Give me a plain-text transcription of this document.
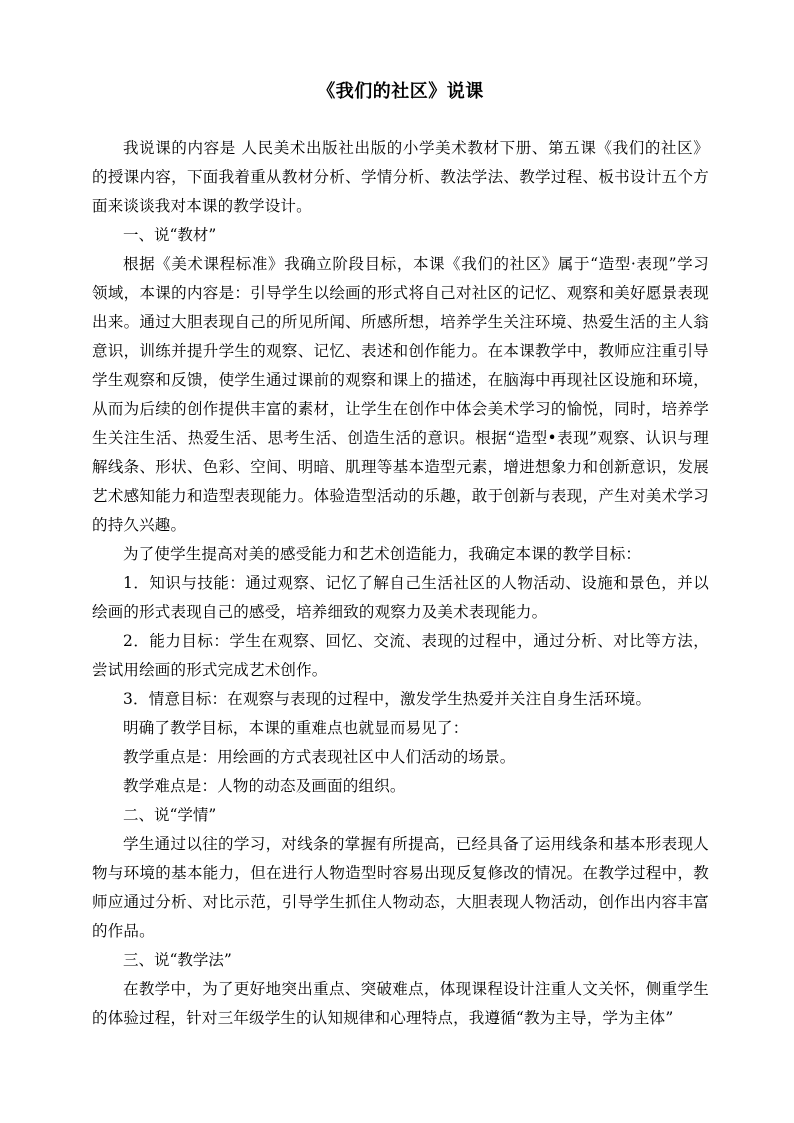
《我们的社区》说课

我说课的内容是 人民美术出版社出版的小学美术教材下册、第五课《我们的社区》的授课内容，下面我着重从教材分析、学情分析、教法学法、教学过程、板书设计五个方面来谈谈我对本课的教学设计。

一、说“教材”

根据《美术课程标准》我确立阶段目标，本课《我们的社区》属于“造型·表现”学习领域，本课的内容是：引导学生以绘画的形式将自己对社区的记忆、观察和美好愿景表现出来。通过大胆表现自己的所见所闻、所感所想，培养学生关注环境、热爱生活的主人翁意识，训练并提升学生的观察、记忆、表述和创作能力。在本课教学中，教师应注重引导学生观察和反馈，使学生通过课前的观察和课上的描述，在脑海中再现社区设施和环境，从而为后续的创作提供丰富的素材，让学生在创作中体会美术学习的愉悦，同时，培养学生关注生活、热爱生活、思考生活、创造生活的意识。根据“造型•表现”观察、认识与理解线条、形状、色彩、空间、明暗、肌理等基本造型元素，增进想象力和创新意识，发展艺术感知能力和造型表现能力。体验造型活动的乐趣，敢于创新与表现，产生对美术学习的持久兴趣。

为了使学生提高对美的感受能力和艺术创造能力，我确定本课的教学目标：

1．知识与技能：通过观察、记忆了解自己生活社区的人物活动、设施和景色，并以绘画的形式表现自己的感受，培养细致的观察力及美术表现能力。

2．能力目标：学生在观察、回忆、交流、表现的过程中，通过分析、对比等方法，尝试用绘画的形式完成艺术创作。

3．情意目标：在观察与表现的过程中，激发学生热爱并关注自身生活环境。

明确了教学目标，本课的重难点也就显而易见了：

教学重点是：用绘画的方式表现社区中人们活动的场景。

教学难点是：人物的动态及画面的组织。

二、说“学情”

学生通过以往的学习，对线条的掌握有所提高，已经具备了运用线条和基本形表现人物与环境的基本能力，但在进行人物造型时容易出现反复修改的情况。在教学过程中，教师应通过分析、对比示范，引导学生抓住人物动态，大胆表现人物活动，创作出内容丰富的作品。

三、说“教学法”

在教学中，为了更好地突出重点、突破难点，体现课程设计注重人文关怀，侧重学生的体验过程，针对三年级学生的认知规律和心理特点，我遵循“教为主导，学为主体”
